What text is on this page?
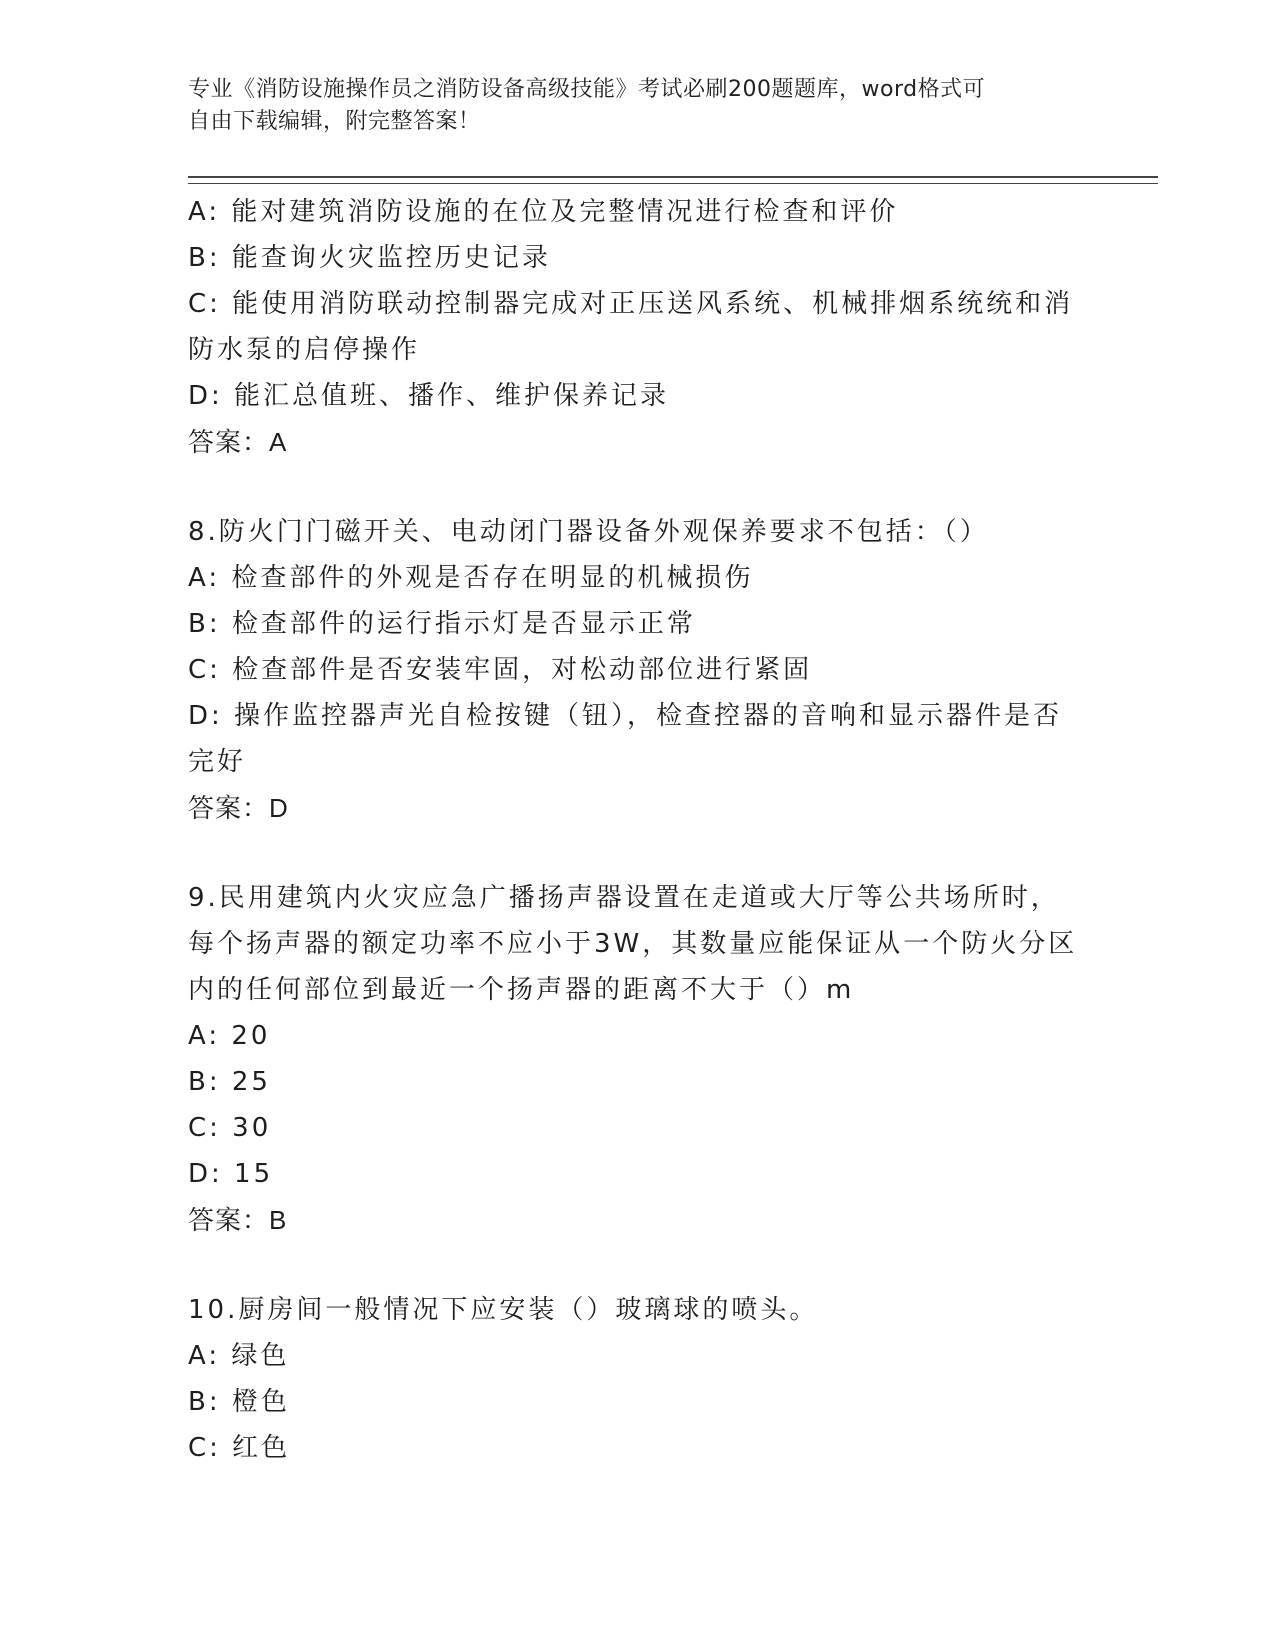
专业《消防设施操作员之消防设备高级技能》考试必刷200题题库，word格式可
自由下载编辑，附完整答案！
A: 能对建筑消防设施的在位及完整情况进行检查和评价
B: 能查询火灾监控历史记录
C: 能使用消防联动控制器完成对正压送风系统、机械排烟系统统和消
防水泵的启停操作
D: 能汇总值班、播作、维护保养记录
答案：A
8.防火门门磁开关、电动闭门器设备外观保养要求不包括：（）
A: 检查部件的外观是否存在明显的机械损伤
B: 检查部件的运行指示灯是否显示正常
C: 检查部件是否安装牢固，对松动部位进行紧固
D: 操作监控器声光自检按键（钮），检查控器的音响和显示器件是否
完好
答案：D
9.民用建筑内火灾应急广播扬声器设置在走道或大厅等公共场所时，
每个扬声器的额定功率不应小于3W，其数量应能保证从一个防火分区
内的任何部位到最近一个扬声器的距离不大于（）m
A: 20
B: 25
C: 30
D: 15
答案：B
10.厨房间一般情况下应安装（）玻璃球的喷头。
A: 绿色
B: 橙色
C: 红色
